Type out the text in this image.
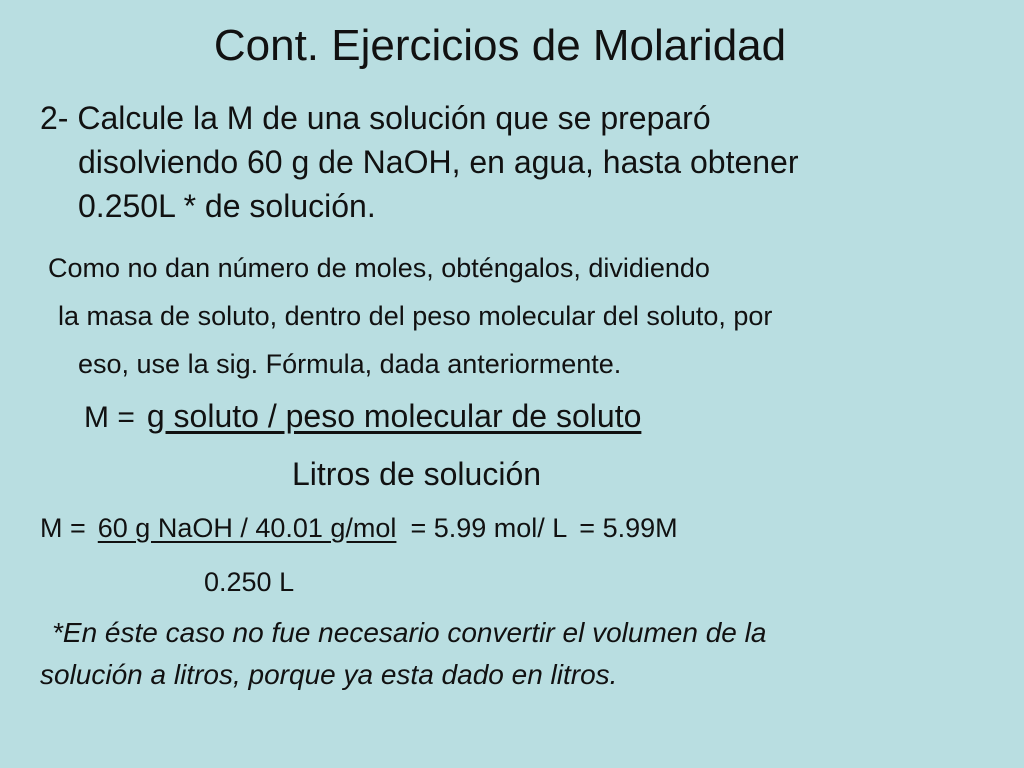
Cont. Ejercicios de Molaridad
2- Calcule la M de una solución que se preparó
disolviendo 60 g de NaOH, en agua, hasta obtener
0.250L * de solución.
Como no dan número de moles, obténgalos, dividiendo
la masa de soluto, dentro del peso molecular del soluto, por
eso, use la sig. Fórmula, dada anteriormente.
M = g soluto / peso molecular de soluto
Litros de solución
M = 60 g NaOH / 40.01 g/mol = 5.99 mol/ L = 5.99M
0.250 L
*En éste caso no fue necesario convertir el volumen de la
solución a litros, porque ya esta dado en litros.
